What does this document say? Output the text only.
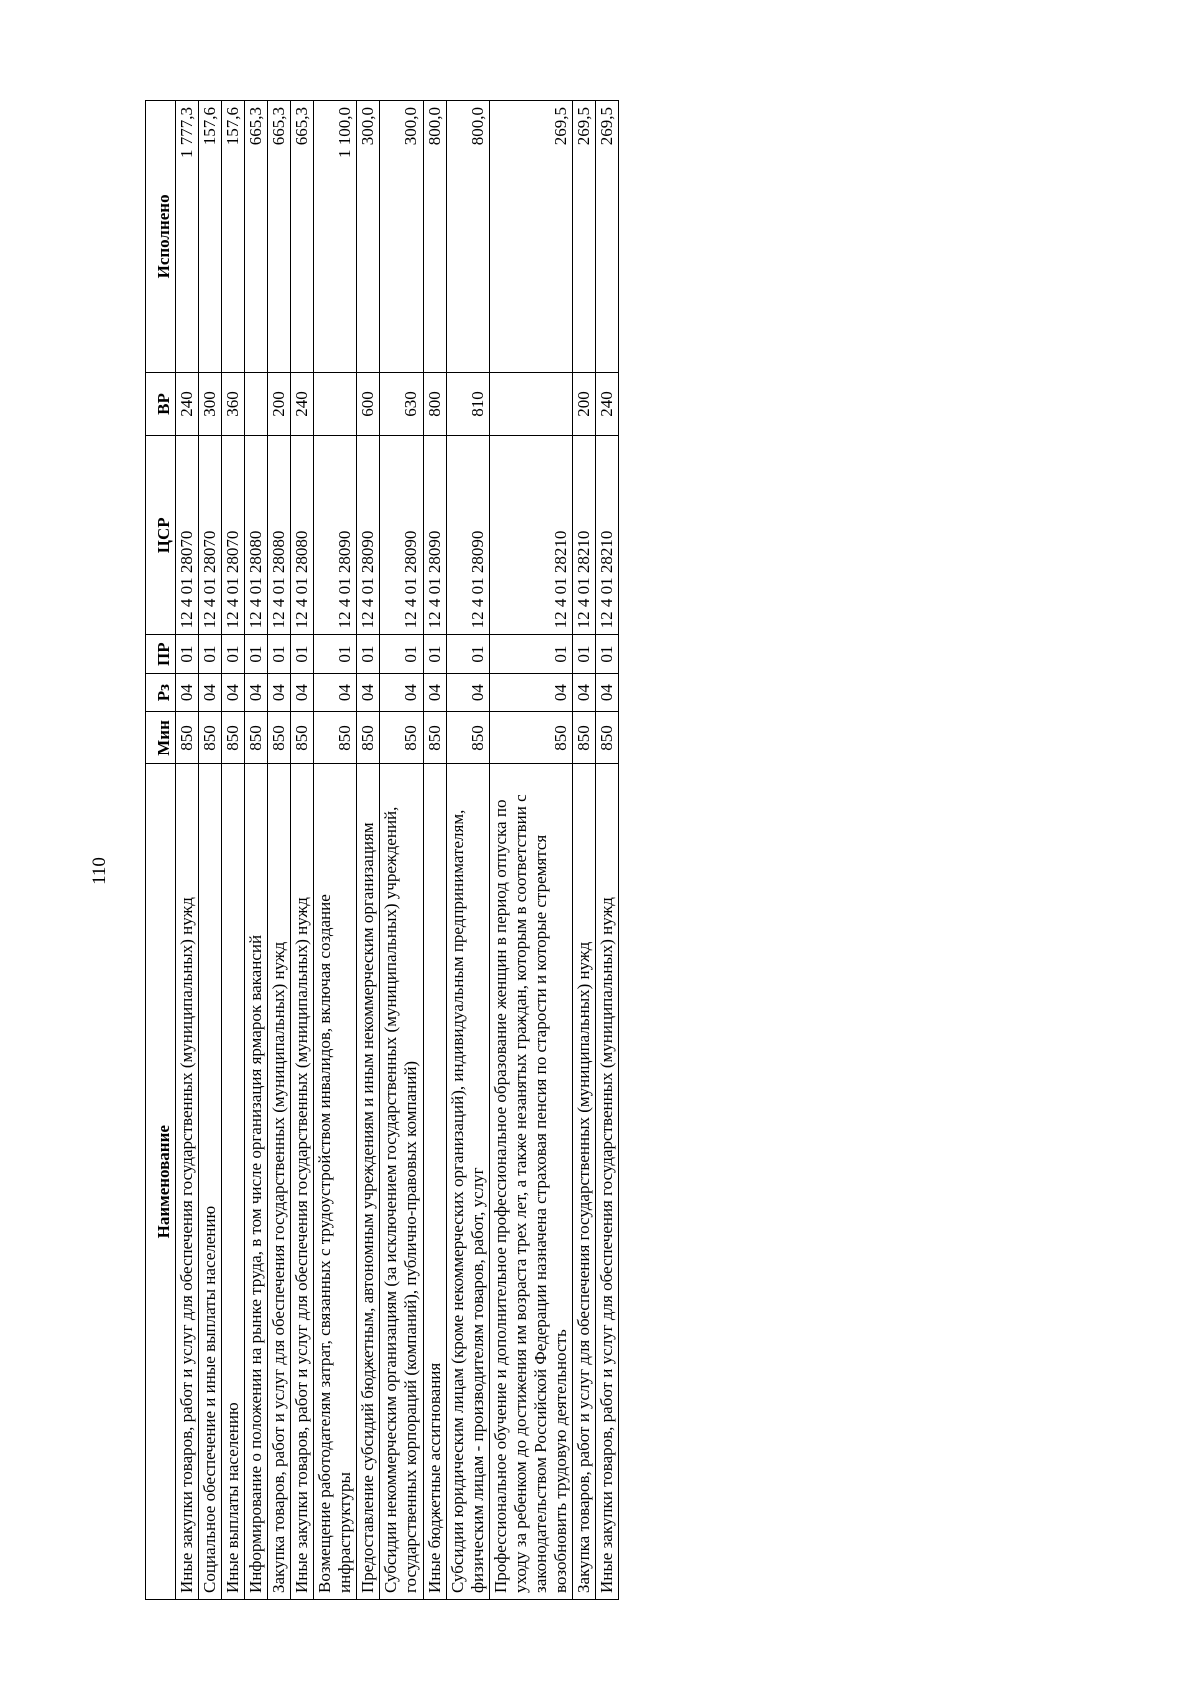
110
Наименование	Мин	Рз	ПР	ЦСР	ВР	Исполнено
Иные закупки товаров, работ и услуг для обеспечения государственных (муниципальных) нужд	850	04	01	12 4 01 28070	240	1 777,3
Социальное обеспечение и иные выплаты населению	850	04	01	12 4 01 28070	300	157,6
Иные выплаты населению	850	04	01	12 4 01 28070	360	157,6
Информирование о положении на рынке труда, в том числе организация ярмарок вакансий	850	04	01	12 4 01 28080		665,3
Закупка товаров, работ и услуг для обеспечения государственных (муниципальных) нужд	850	04	01	12 4 01 28080	200	665,3
Иные закупки товаров, работ и услуг для обеспечения государственных (муниципальных) нужд	850	04	01	12 4 01 28080	240	665,3
Возмещение работодателям затрат, связанных с трудоустройством инвалидов, включая создание инфраструктуры	850	04	01	12 4 01 28090		1 100,0
Предоставление субсидий бюджетным, автономным учреждениям и иным некоммерческим организациям	850	04	01	12 4 01 28090	600	300,0
Субсидии некоммерческим организациям (за исключением государственных (муниципальных) учреждений, государственных корпораций (компаний), публично-правовых компаний)	850	04	01	12 4 01 28090	630	300,0
Иные бюджетные ассигнования	850	04	01	12 4 01 28090	800	800,0
Субсидии юридическим лицам (кроме некоммерческих организаций), индивидуальным предпринимателям, физическим лицам - производителям товаров, работ, услуг	850	04	01	12 4 01 28090	810	800,0
Профессиональное обучение и дополнительное профессиональное образование женщин в период отпуска по уходу за ребенком до достижения им возраста трех лет, а также незанятых граждан, которым в соответствии с законодательством Российской Федерации назначена страховая пенсия по старости и которые стремятся возобновить трудовую деятельность	850	04	01	12 4 01 28210		269,5
Закупка товаров, работ и услуг для обеспечения государственных (муниципальных) нужд	850	04	01	12 4 01 28210	200	269,5
Иные закупки товаров, работ и услуг для обеспечения государственных (муниципальных) нужд	850	04	01	12 4 01 28210	240	269,5
